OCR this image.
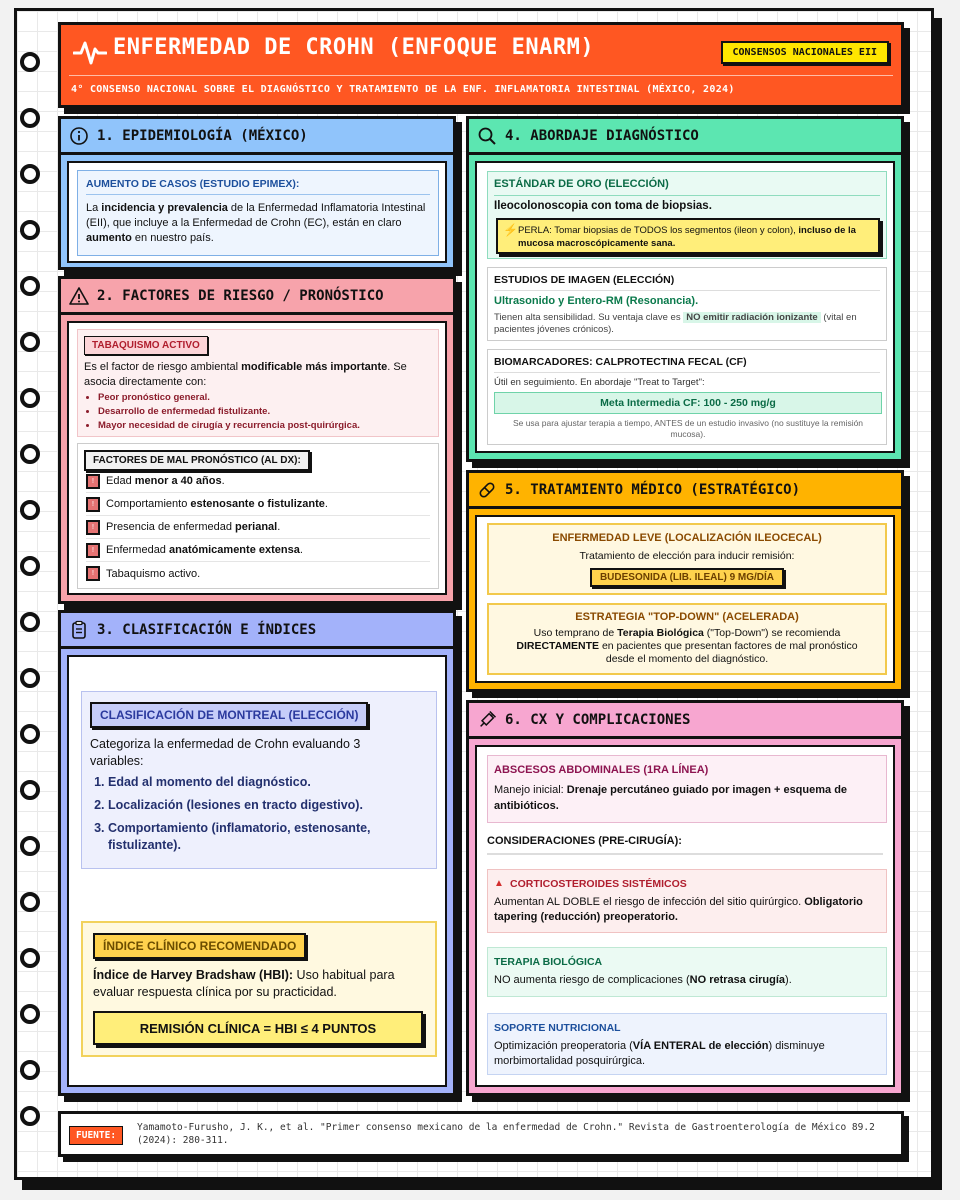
ENFERMEDAD DE CROHN (ENFOQUE ENARM)	CONSENSOS NACIONALES EII
4° CONSENSO NACIONAL SOBRE EL DIAGNÓSTICO Y TRATAMIENTO DE LA ENF. INFLAMATORIA INTESTINAL (MÉXICO, 2024)
1. EPIDEMIOLOGÍA (MÉXICO)
AUMENTO DE CASOS (ESTUDIO EPIMEX):
La incidencia y prevalencia de la Enfermedad Inflamatoria Intestinal (EII), que incluye a la Enfermedad de Crohn (EC), están en claro aumento en nuestro país.
2. FACTORES DE RIESGO / PRONÓSTICO
TABAQUISMO ACTIVO
Es el factor de riesgo ambiental modificable más importante. Se asocia directamente con:
• Peor pronóstico general.
• Desarrollo de enfermedad fistulizante.
• Mayor necesidad de cirugía y recurrencia post-quirúrgica.
FACTORES DE MAL PRONÓSTICO (AL DX):
!	Edad
menor a 40 años .
!	Comportamiento
estenosante o fistulizante .
!	Presencia de enfermedad
perianal .
!	Enfermedad
anatómicamente extensa .
!	Tabaquismo activo.
3. CLASIFICACIÓN E ÍNDICES
CLASIFICACIÓN DE MONTREAL (ELECCIÓN)
Categoriza la enfermedad de Crohn evaluando 3 variables:
1. Edad al momento del diagnóstico.
2. Localización (lesiones en tracto digestivo).
3. Comportamiento (inflamatorio, estenosante, fistulizante).
ÍNDICE CLÍNICO RECOMENDADO
Índice de Harvey Bradshaw (HBI): Uso habitual para evaluar respuesta clínica por su practicidad.
REMISIÓN CLÍNICA = HBI ≤ 4 PUNTOS
4. ABORDAJE DIAGNÓSTICO
ESTÁNDAR DE ORO (ELECCIÓN)
Ileocolonoscopia con toma de biopsias.
⚡ PERLA: Tomar biopsias de TODOS los segmentos (ileon y colon), incluso de la mucosa macroscópicamente sana.
ESTUDIOS DE IMAGEN (ELECCIÓN)
Ultrasonido y Entero-RM (Resonancia).
Tienen alta sensibilidad. Su ventaja clave es NO emitir radiación ionizante (vital en pacientes jóvenes crónicos).
BIOMARCADORES: CALPROTECTINA FECAL (CF)
Útil en seguimiento. En abordaje "Treat to Target":
Meta Intermedia CF: 100 - 250 mg/g
Se usa para ajustar terapia a tiempo, ANTES de un estudio invasivo (no sustituye la remisión mucosa).
5. TRATAMIENTO MÉDICO (ESTRATÉGICO)
ENFERMEDAD LEVE (LOCALIZACIÓN ILEOCECAL)
Tratamiento de elección para inducir remisión:
BUDESONIDA (LIB. ILEAL) 9 MG/DÍA
ESTRATEGIA "TOP-DOWN" (ACELERADA)
Uso temprano de Terapia Biológica ("Top-Down") se recomienda DIRECTAMENTE en pacientes que presentan factores de mal pronóstico desde el momento del diagnóstico.
6. CX Y COMPLICACIONES
ABSCESOS ABDOMINALES (1RA LÍNEA)
Manejo inicial: Drenaje percutáneo guiado por imagen + esquema de antibióticos.
CONSIDERACIONES (PRE-CIRUGÍA):
▲ CORTICOSTEROIDES SISTÉMICOS
Aumentan AL DOBLE el riesgo de infección del sitio quirúrgico. Obligatorio tapering (reducción) preoperatorio.
TERAPIA BIOLÓGICA
NO aumenta riesgo de complicaciones (NO retrasa cirugía).
SOPORTE NUTRICIONAL
Optimización preoperatoria (VÍA ENTERAL de elección) disminuye morbimortalidad posquirúrgica.
FUENTE:
Yamamoto-Furusho, J. K., et al. "Primer consenso mexicano de la enfermedad de Crohn." Revista de Gastroenterología de México 89.2 (2024): 280-311.
